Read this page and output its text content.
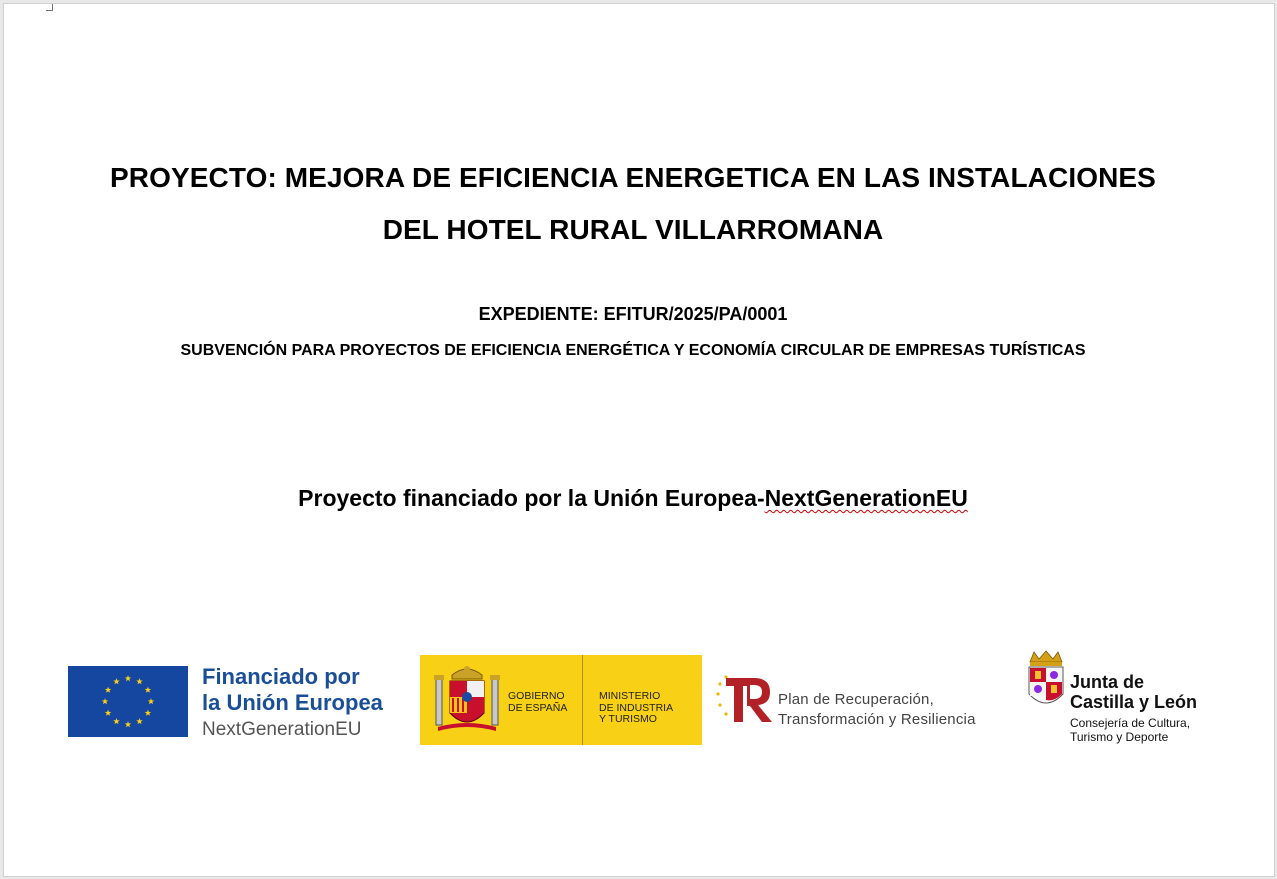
PROYECTO: MEJORA DE EFICIENCIA ENERGETICA EN LAS INSTALACIONES
DEL HOTEL RURAL VILLARROMANA
EXPEDIENTE: EFITUR/2025/PA/0001
SUBVENCIÓN PARA PROYECTOS DE EFICIENCIA ENERGÉTICA Y ECONOMÍA CIRCULAR DE EMPRESAS TURÍSTICAS
Proyecto financiado por la Unión Europea-NextGenerationEU
Financiado por
la Unión Europea
NextGenerationEU
GOBIERNO
DE ESPAÑA
MINISTERIO
DE INDUSTRIA
Y TURISMO
Plan de Recuperación,
Transformación y Resiliencia
Junta de
Castilla y León
Consejería de Cultura,
Turismo y Deporte
